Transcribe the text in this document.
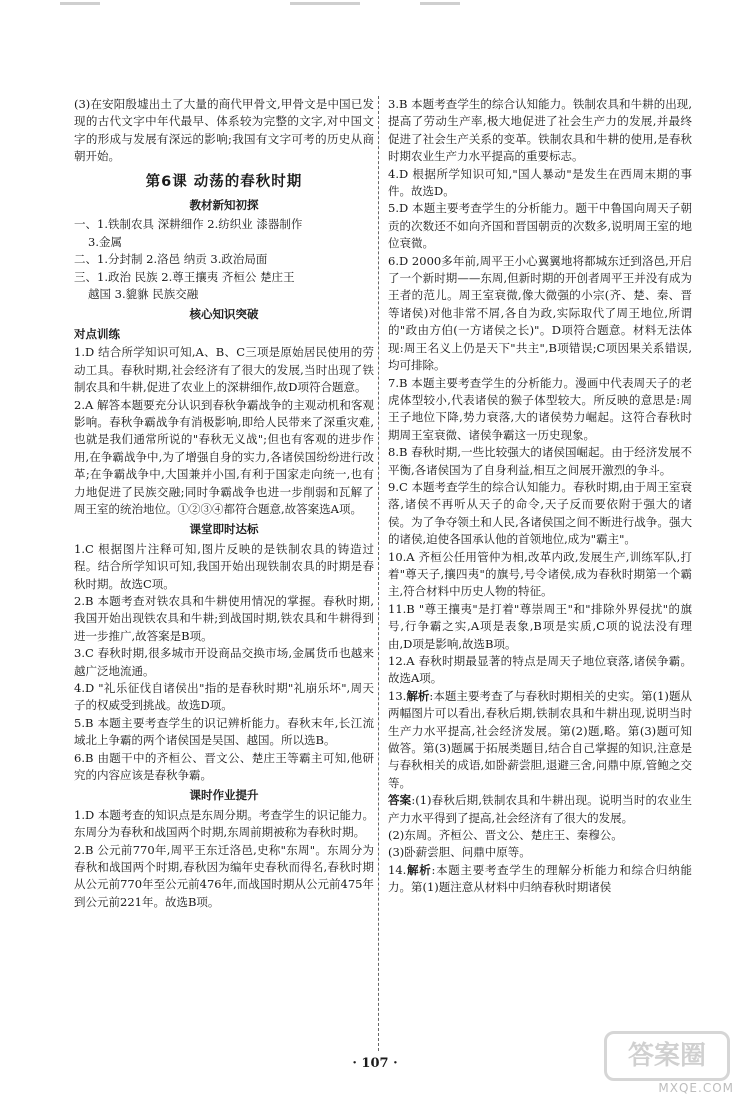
(3)在安阳殷墟出土了大量的商代甲骨文,甲骨文是中国已发现的古代文字中年代最早、体系较为完整的文字,对中国文字的形成与发展有深远的影响;我国有文字可考的历史从商朝开始。

第6课 动荡的春秋时期
教材新知初探

一、1.铁制农具 深耕细作 2.纺织业 漆器制作

3.金属

二、1.分封制 2.洛邑 纳贡 3.政治局面

三、1.政治 民族 2.尊王攘夷 齐桓公 楚庄王

越国 3.貔貅 民族交融

核心知识突破
对点训练

1.D 结合所学知识可知,A、B、C三项是原始居民使用的劳动工具。春秋时期,社会经济有了很大的发展,当时出现了铁制农具和牛耕,促进了农业上的深耕细作,故D项符合题意。

2.A 解答本题要充分认识到春秋争霸战争的主观动机和客观影响。春秋争霸战争有消极影响,即给人民带来了深重灾难,也就是我们通常所说的"春秋无义战";但也有客观的进步作用,在争霸战争中,为了增强自身的实力,各诸侯国纷纷进行改革;在争霸战争中,大国兼并小国,有利于国家走向统一,也有力地促进了民族交融;同时争霸战争也进一步削弱和瓦解了周王室的统治地位。①②③④都符合题意,故答案选A项。

课堂即时达标

1.C 根据图片注释可知,图片反映的是铁制农具的铸造过程。结合所学知识可知,我国开始出现铁制农具的时期是春秋时期。故选C项。

2.B 本题考查对铁农具和牛耕使用情况的掌握。春秋时期,我国开始出现铁农具和牛耕;到战国时期,铁农具和牛耕得到进一步推广,故答案是B项。

3.C 春秋时期,很多城市开设商品交换市场,金属货币也越来越广泛地流通。

4.D "礼乐征伐自诸侯出"指的是春秋时期"礼崩乐坏",周天子的权威受到挑战。故选D项。

5.B 本题主要考查学生的识记辨析能力。春秋末年,长江流域北上争霸的两个诸侯国是吴国、越国。所以选B。

6.B 由题干中的齐桓公、晋文公、楚庄王等霸主可知,他研究的内容应该是春秋争霸。

课时作业提升

1.D 本题考查的知识点是东周分期。考查学生的识记能力。东周分为春秋和战国两个时期,东周前期被称为春秋时期。

2.B 公元前770年,周平王东迁洛邑,史称"东周"。东周分为春秋和战国两个时期,春秋因为编年史春秋而得名,春秋时期从公元前770年至公元前476年,而战国时期从公元前475年到公元前221年。故选B项。

3.B 本题考查学生的综合认知能力。铁制农具和牛耕的出现,提高了劳动生产率,极大地促进了社会生产力的发展,并最终促进了社会生产关系的变革。铁制农具和牛耕的使用,是春秋时期农业生产力水平提高的重要标志。

4.D 根据所学知识可知,"国人暴动"是发生在西周末期的事件。故选D。

5.D 本题主要考查学生的分析能力。题干中鲁国向周天子朝贡的次数还不如向齐国和晋国朝贡的次数多,说明周王室的地位衰微。

6.D 2000多年前,周平王小心翼翼地将都城东迁到洛邑,开启了一个新时期——东周,但新时期的开创者周平王并没有成为王者的范儿。周王室衰微,像大微强的小宗(齐、楚、秦、晋等诸侯)对他非常不屑,各自为政,实际取代了周王地位,所谓的"政由方伯(一方诸侯之长)"。D项符合题意。材料无法体现:周王名义上仍是天下"共主",B项错误;C项因果关系错误,均可排除。

7.B 本题主要考查学生的分析能力。漫画中代表周天子的老虎体型较小,代表诸侯的猴子体型较大。所反映的意思是:周王子地位下降,势力衰落,大的诸侯势力崛起。这符合春秋时期周王室衰微、诸侯争霸这一历史现象。

8.B 春秋时期,一些比较强大的诸侯国崛起。由于经济发展不平衡,各诸侯国为了自身利益,相互之间展开激烈的争斗。

9.C 本题考查学生的综合认知能力。春秋时期,由于周王室衰落,诸侯不再听从天子的命令,天子反而要依附于强大的诸侯。为了争夺领土和人民,各诸侯国之间不断进行战争。强大的诸侯,迫使各国承认他的首领地位,成为"霸主"。

10.A 齐桓公任用管仲为相,改革内政,发展生产,训练军队,打着"尊天子,攘四夷"的旗号,号令诸侯,成为春秋时期第一个霸主,符合材料中历史人物的特征。

11.B "尊王攘夷"是打着"尊崇周王"和"排除外界侵扰"的旗号,行争霸之实,A项是表象,B项是实质,C项的说法没有理由,D项是影响,故选B项。

12.A 春秋时期最显著的特点是周天子地位衰落,诸侯争霸。故选A项。

13.解析:本题主要考查了与春秋时期相关的史实。第(1)题从两幅图片可以看出,春秋后期,铁制农具和牛耕出现,说明当时生产力水平提高,社会经济发展。第(2)题,略。第(3)题可知做答。第(3)题属于拓展类题目,结合自己掌握的知识,注意是与春秋相关的成语,如卧薪尝胆,退避三舍,问鼎中原,管鲍之交等。

答案:(1)春秋后期,铁制农具和牛耕出现。说明当时的农业生产力水平得到了提高,社会经济有了很大的发展。

(2)东周。齐桓公、晋文公、楚庄王、秦穆公。

(3)卧薪尝胆、问鼎中原等。

14.解析:本题主要考查学生的理解分析能力和综合归纳能力。第(1)题注意从材料中归纳春秋时期诸侯

· 107 ·	答案圈
MXQE.COM
